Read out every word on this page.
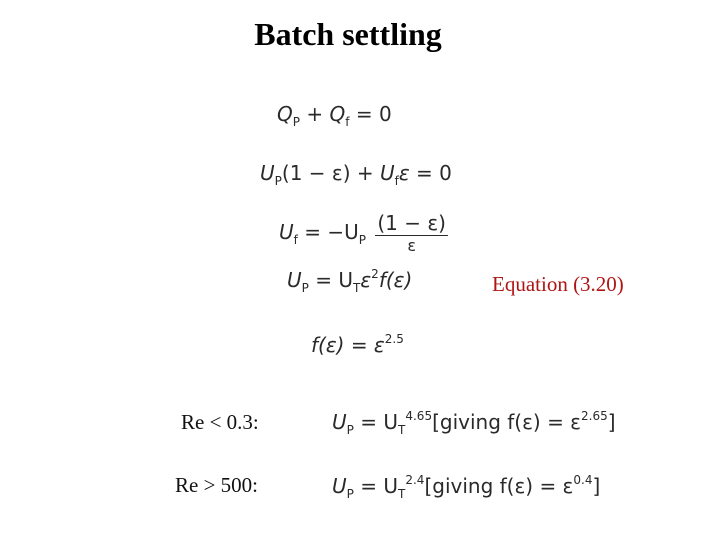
Batch settling
$Q_P + Q_f = 0$
$U_P(1 - \varepsilon) + U_f\varepsilon = 0$
$U_f = -U_P \frac{(1 - \varepsilon)}{\varepsilon}$
$U_P = U_T\varepsilon^2f(\varepsilon)$	Equation (3.20)
$f(\varepsilon) = \varepsilon^{2.5}$
Re < 0.3:	$U_P$ = $U_T^{4.65}[giving$ $f(\varepsilon) = \varepsilon^{2.65}$]
Re > 500:	$U_P$ = $U_T^{2.4}[giving$ $f(\varepsilon) = \varepsilon^{0.4}$]
